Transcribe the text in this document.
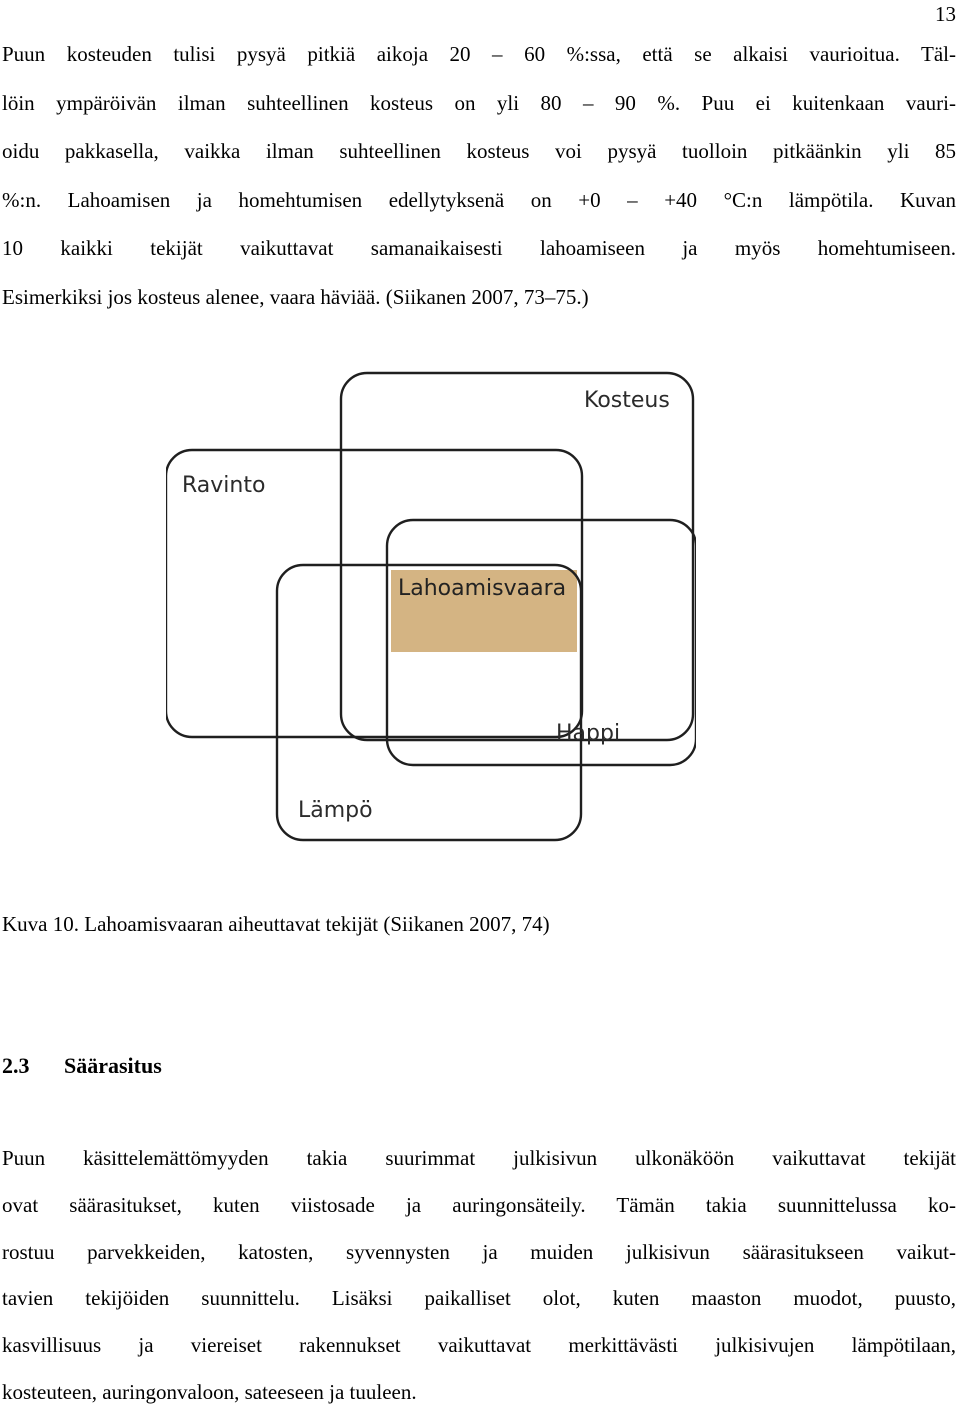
13
Puun kosteuden tulisi pysyä pitkiä aikoja 20 – 60 %:ssa, että se alkaisi vaurioitua. Täl-
löin ympäröivän ilman suhteellinen kosteus on yli 80 – 90 %. Puu ei kuitenkaan vauri-
oidu pakkasella, vaikka ilman suhteellinen kosteus voi pysyä tuolloin pitkäänkin yli 85
%:n. Lahoamisen ja homehtumisen edellytyksenä on +0 – +40 °C:n lämpötila. Kuvan
10 kaikki tekijät vaikuttavat samanaikaisesti lahoamiseen ja myös homehtumiseen.
Esimerkiksi jos kosteus alenee, vaara häviää. (Siikanen 2007, 73–75.)
Kosteus
Ravinto
Lahoamisvaara
Happi
Lämpö

Kuva 10. Lahoamisvaaran aiheuttavat tekijät (Siikanen 2007, 74)

2.3 Säärasitus
Puun käsittelemättömyyden takia suurimmat julkisivun ulkonäköön vaikuttavat tekijät
ovat säärasitukset, kuten viistosade ja auringonsäteily. Tämän takia suunnittelussa ko-
rostuu parvekkeiden, katosten, syvennysten ja muiden julkisivun säärasitukseen vaikut-
tavien tekijöiden suunnittelu. Lisäksi paikalliset olot, kuten maaston muodot, puusto,
kasvillisuus ja viereiset rakennukset vaikuttavat merkittävästi julkisivujen lämpötilaan,
kosteuteen, auringonvaloon, sateeseen ja tuuleen.
